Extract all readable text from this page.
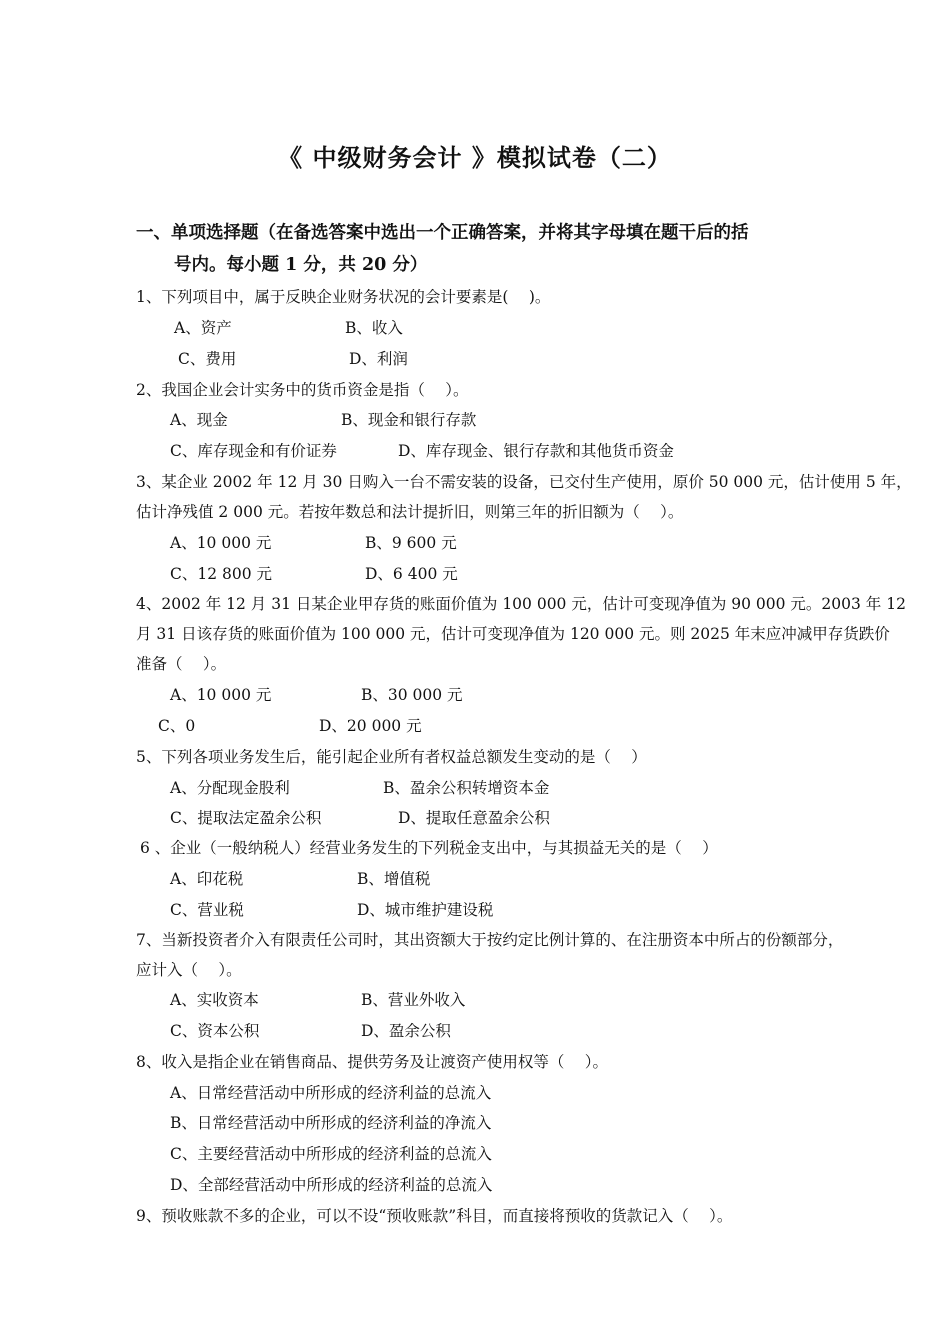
《 中级财务会计 》模拟试卷（二）
一、单项选择题（在备选答案中选出一个正确答案，并将其字母填在题干后的括
号内。每小题 1 分，共 20 分）
1、下列项目中，属于反映企业财务状况的会计要素是(　 )。
A、资产	B、收入
C、费用	D、利润
2、我国企业会计实务中的货币资金是指（　 ）。
A、现金	B、现金和银行存款
C、库存现金和有价证券	D、库存现金、银行存款和其他货币资金
3、某企业 2002 年 12 月 30 日购入一台不需安装的设备，已交付生产使用，原价 50 000 元，估计使用 5 年，
估计净残值 2 000 元。若按年数总和法计提折旧，则第三年的折旧额为（　 ）。
A、10 000 元	B、9 600 元
C、12 800 元	D、6 400 元
4、2002 年 12 月 31 日某企业甲存货的账面价值为 100 000 元，估计可变现净值为 90 000 元。2003 年 12
月 31 日该存货的账面价值为 100 000 元，估计可变现净值为 120 000 元。则 2025 年末应冲减甲存货跌价
准备（　 ）。
A、10 000 元	B、30 000 元
C、0	D、20 000 元
5、下列各项业务发生后，能引起企业所有者权益总额发生变动的是（　 ）
A、分配现金股利	B、盈余公积转增资本金
C、提取法定盈余公积	D、提取任意盈余公积
6 、企业（一般纳税人）经营业务发生的下列税金支出中，与其损益无关的是（　 ）
A、印花税	B、增值税
C、营业税	D、城市维护建设税
7、当新投资者介入有限责任公司时，其出资额大于按约定比例计算的、在注册资本中所占的份额部分，
应计入（　 ）。
A、实收资本	B、营业外收入
C、资本公积	D、盈余公积
8、收入是指企业在销售商品、提供劳务及让渡资产使用权等（　 ）。
A、日常经营活动中所形成的经济利益的总流入
B、日常经营活动中所形成的经济利益的净流入
C、主要经营活动中所形成的经济利益的总流入
D、全部经营活动中所形成的经济利益的总流入
9、预收账款不多的企业，可以不设“预收账款”科目，而直接将预收的货款记入（　 ）。
